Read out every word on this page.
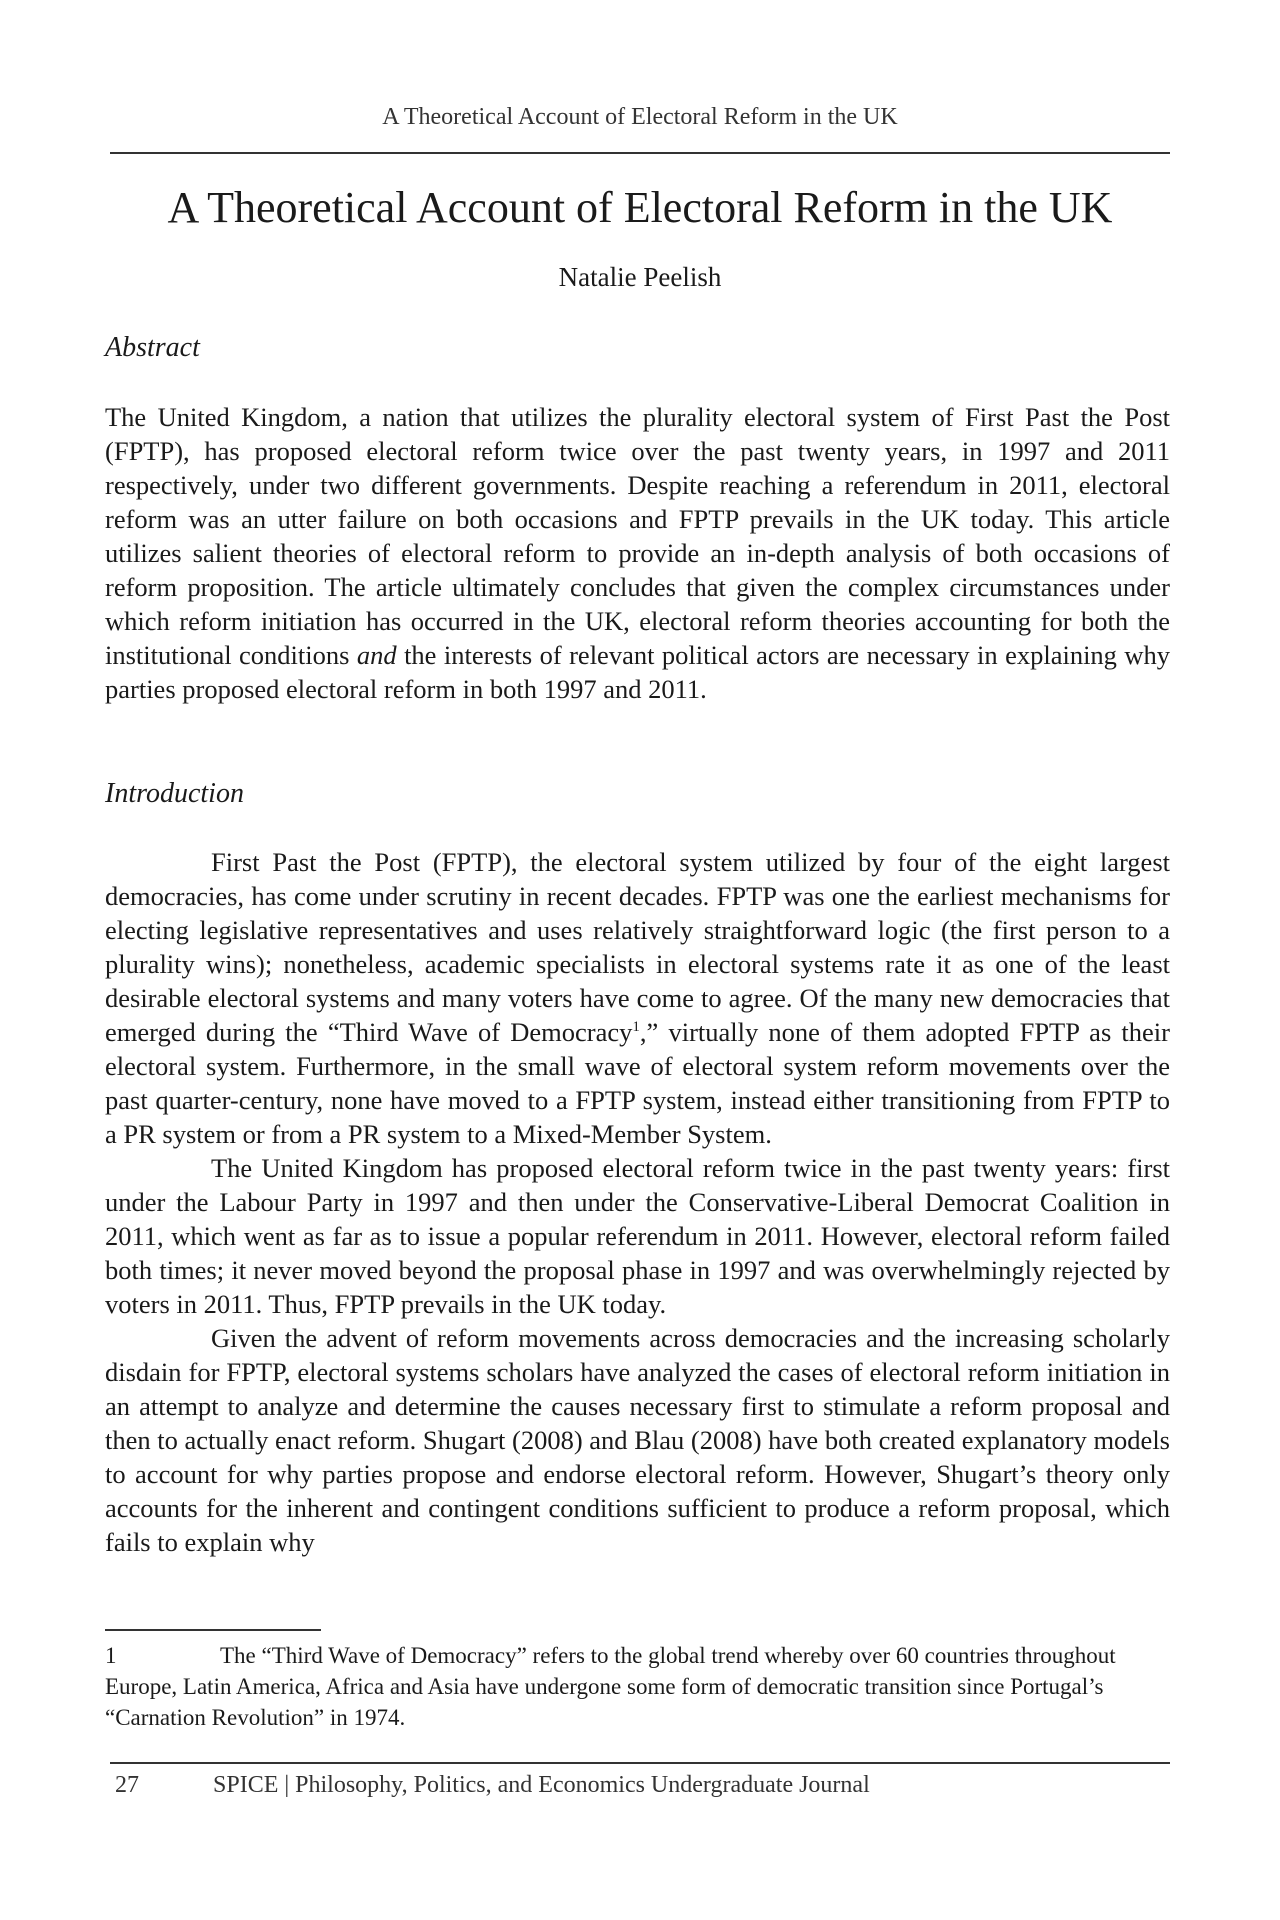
A Theoretical Account of Electoral Reform in the UK
A Theoretical Account of Electoral Reform in the UK
Natalie Peelish
Abstract

The United Kingdom, a nation that utilizes the plurality electoral system of First Past the Post (FPTP), has proposed electoral reform twice over the past twenty years, in 1997 and 2011 respectively, under two different governments. Despite reaching a referendum in 2011, electoral reform was an utter failure on both occasions and FPTP prevails in the UK today. This article utilizes salient theories of electoral reform to provide an in-depth analysis of both occasions of reform proposition. The article ultimately concludes that given the complex circumstances under which reform initiation has occurred in the UK, electoral reform theories accounting for both the institutional conditions and the interests of relevant political actors are necessary in explaining why parties proposed electoral reform in both 1997 and 2011.

Introduction

First Past the Post (FPTP), the electoral system utilized by four of the eight largest democracies, has come under scrutiny in recent decades. FPTP was one the earliest mechanisms for electing legislative representatives and uses relatively straightforward logic (the first person to a plurality wins); nonetheless, academic specialists in electoral systems rate it as one of the least desirable electoral systems and many voters have come to agree. Of the many new democracies that emerged during the “Third Wave of Democracy$^1$,” virtually none of them adopted FPTP as their electoral system. Furthermore, in the small wave of electoral system reform movements over the past quarter-century, none have moved to a FPTP system, instead either transitioning from FPTP to a PR system or from a PR system to a Mixed-Member System.

The United Kingdom has proposed electoral reform twice in the past twenty years: first under the Labour Party in 1997 and then under the Conservative-Liberal Democrat Coalition in 2011, which went as far as to issue a popular referendum in 2011. However, electoral reform failed both times; it never moved beyond the proposal phase in 1997 and was overwhelmingly rejected by voters in 2011. Thus, FPTP prevails in the UK today.

Given the advent of reform movements across democracies and the increasing scholarly disdain for FPTP, electoral systems scholars have analyzed the cases of electoral reform initiation in an attempt to analyze and determine the causes necessary first to stimulate a reform proposal and then to actually enact reform. Shugart (2008) and Blau (2008) have both created explanatory models to account for why parties propose and endorse electoral reform. However, Shugart’s theory only accounts for the inherent and contingent conditions sufficient to produce a reform proposal, which fails to explain why

1	The “Third Wave of Democracy” refers to the global trend whereby over 60 countries throughout Europe, Latin America, Africa and Asia have undergone some form of democratic transition since Portugal’s “Carnation Revolution” in 1974.

27	SPICE | Philosophy, Politics, and Economics Undergraduate Journal
